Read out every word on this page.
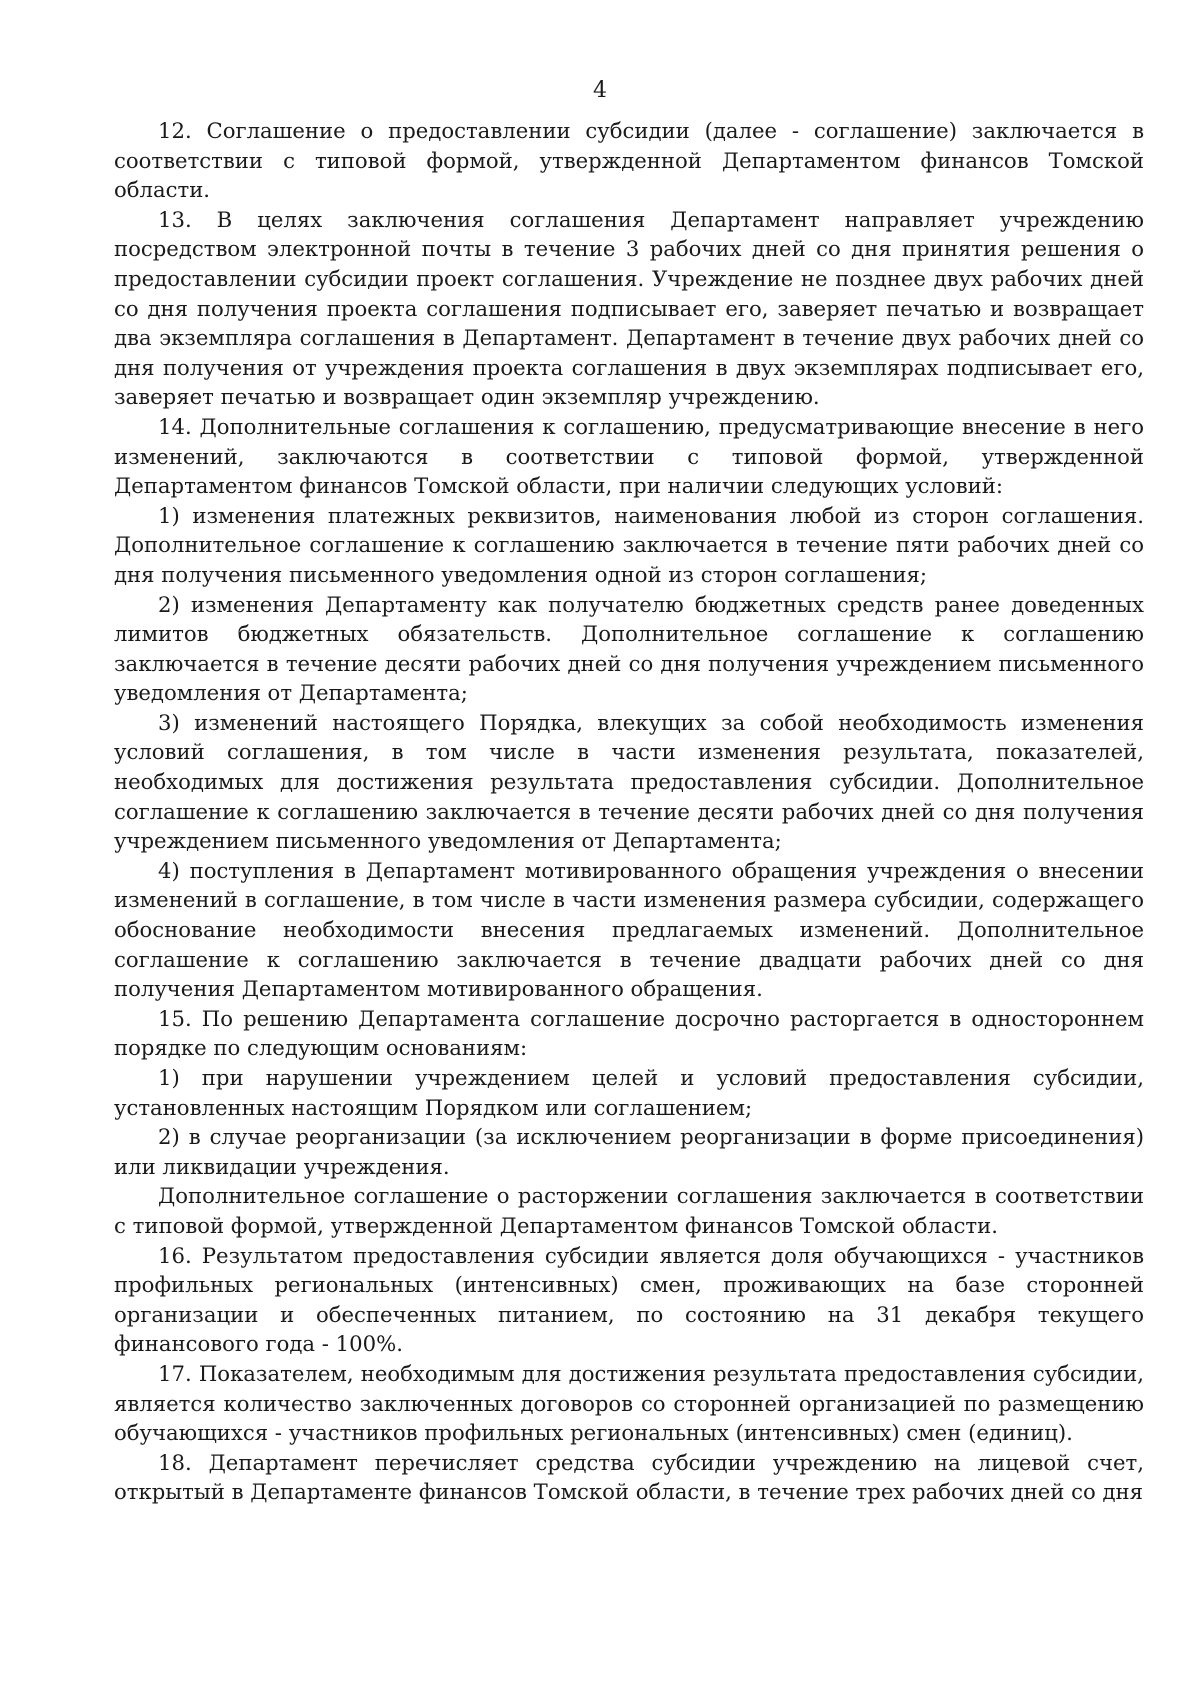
4

12. Соглашение о предоставлении субсидии (далее - соглашение) заключается в соответствии с типовой формой, утвержденной Департаментом финансов Томской области.

13. В целях заключения соглашения Департамент направляет учреждению посредством электронной почты в течение 3 рабочих дней со дня принятия решения о предоставлении субсидии проект соглашения. Учреждение не позднее двух рабочих дней со дня получения проекта соглашения подписывает его, заверяет печатью и возвращает два экземпляра соглашения в Департамент. Департамент в течение двух рабочих дней со дня получения от учреждения проекта соглашения в двух экземплярах подписывает его, заверяет печатью и возвращает один экземпляр учреждению.

14. Дополнительные соглашения к соглашению, предусматривающие внесение в него изменений, заключаются в соответствии с типовой формой, утвержденной Департаментом финансов Томской области, при наличии следующих условий:

1) изменения платежных реквизитов, наименования любой из сторон соглашения. Дополнительное соглашение к соглашению заключается в течение пяти рабочих дней со дня получения письменного уведомления одной из сторон соглашения;

2) изменения Департаменту как получателю бюджетных средств ранее доведенных лимитов бюджетных обязательств. Дополнительное соглашение к соглашению заключается в течение десяти рабочих дней со дня получения учреждением письменного уведомления от Департамента;

3) изменений настоящего Порядка, влекущих за собой необходимость изменения условий соглашения, в том числе в части изменения результата, показателей, необходимых для достижения результата предоставления субсидии. Дополнительное соглашение к соглашению заключается в течение десяти рабочих дней со дня получения учреждением письменного уведомления от Департамента;

4) поступления в Департамент мотивированного обращения учреждения о внесении изменений в соглашение, в том числе в части изменения размера субсидии, содержащего обоснование необходимости внесения предлагаемых изменений. Дополнительное соглашение к соглашению заключается в течение двадцати рабочих дней со дня получения Департаментом мотивированного обращения.

15. По решению Департамента соглашение досрочно расторгается в одностороннем порядке по следующим основаниям:

1) при нарушении учреждением целей и условий предоставления субсидии, установленных настоящим Порядком или соглашением;

2) в случае реорганизации (за исключением реорганизации в форме присоединения) или ликвидации учреждения.

Дополнительное соглашение о расторжении соглашения заключается в соответствии с типовой формой, утвержденной Департаментом финансов Томской области.

16. Результатом предоставления субсидии является доля обучающихся - участников профильных региональных (интенсивных) смен, проживающих на базе сторонней организации и обеспеченных питанием, по состоянию на 31 декабря текущего финансового года - 100%.

17. Показателем, необходимым для достижения результата предоставления субсидии, является количество заключенных договоров со сторонней организацией по размещению обучающихся - участников профильных региональных (интенсивных) смен (единиц).

18. Департамент перечисляет средства субсидии учреждению на лицевой счет, открытый в Департаменте финансов Томской области, в течение трех рабочих дней со дня
